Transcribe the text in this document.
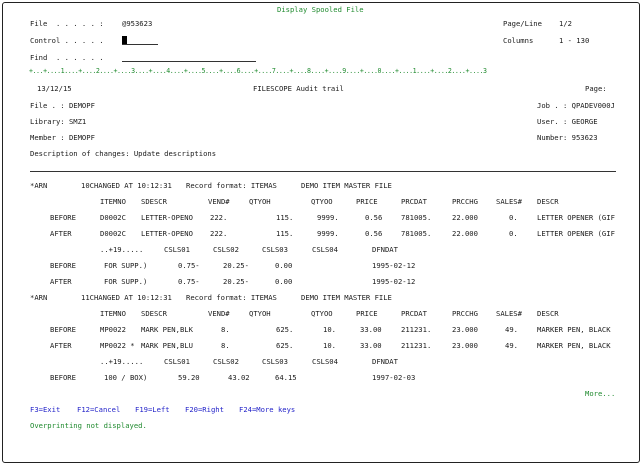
Display Spooled File
File  . . . . . :	@953623
Control . . . . .
Find  . . . . . .
Page/Line 1/2
Columns	1 - 130
+...+....1....+....2....+....3....+....4....+....5....+....6....+....7....+....8....+....9....+....0....+....1....+....2....+....3
13/12/15	FILESCOPE Audit trail	Page:
File . : DEMOPF
Library: SMZ1
Member : DEMOPF
Job . : QPADEV000J
User. : GEORGE
Number: 953623
Description of changes: Update descriptions
*ARN	10CHANGED AT 10:12:31 Record format: ITEMAS	DEMO ITEM MASTER FILE
ITEMNO SDESCR	VEND#	QTYOH	QTYOO	PRICE	PRCDAT	PRCCHG	SALES# DESCR
BEFORE	D0002C LETTER-OPENO 222.	115.	9999.	0.56	781005.	22.000	0.	LETTER OPENER (GIF
AFTER	D0002C LETTER-OPENO 222.	115.	9999.	0.56	781005.	22.000	0.	LETTER OPENER (GIF
..+19.....	CSLS01	CSLS02	CSLS03	CSLS04	DFNDAT
BEFORE	FOR SUPP.)	0.75-	20.25-	0.00	1995-02-12
AFTER	FOR SUPP.)	0.75-	20.25-	0.00	1995-02-12
*ARN	11CHANGED AT 10:12:31 Record format: ITEMAS	DEMO ITEM MASTER FILE
ITEMNO SDESCR	VEND#	QTYOH	QTYOO	PRICE	PRCDAT	PRCCHG	SALES# DESCR
BEFORE	MP0022 MARK PEN,BLK	8.	625.	10.	33.00	211231.	23.000	49.	MARKER PEN, BLACK
AFTER	MP0022 * MARK PEN,BLU	8.	625.	10.	33.00	211231.	23.000	49.	MARKER PEN, BLACK
..+19.....	CSLS01	CSLS02	CSLS03	CSLS04	DFNDAT
BEFORE	100 / BOX)	59.20	43.02	64.15	1997-02-03
More...
F3=Exit F12=Cancel F19=Left F20=Right F24=More keys
Overprinting not displayed.
